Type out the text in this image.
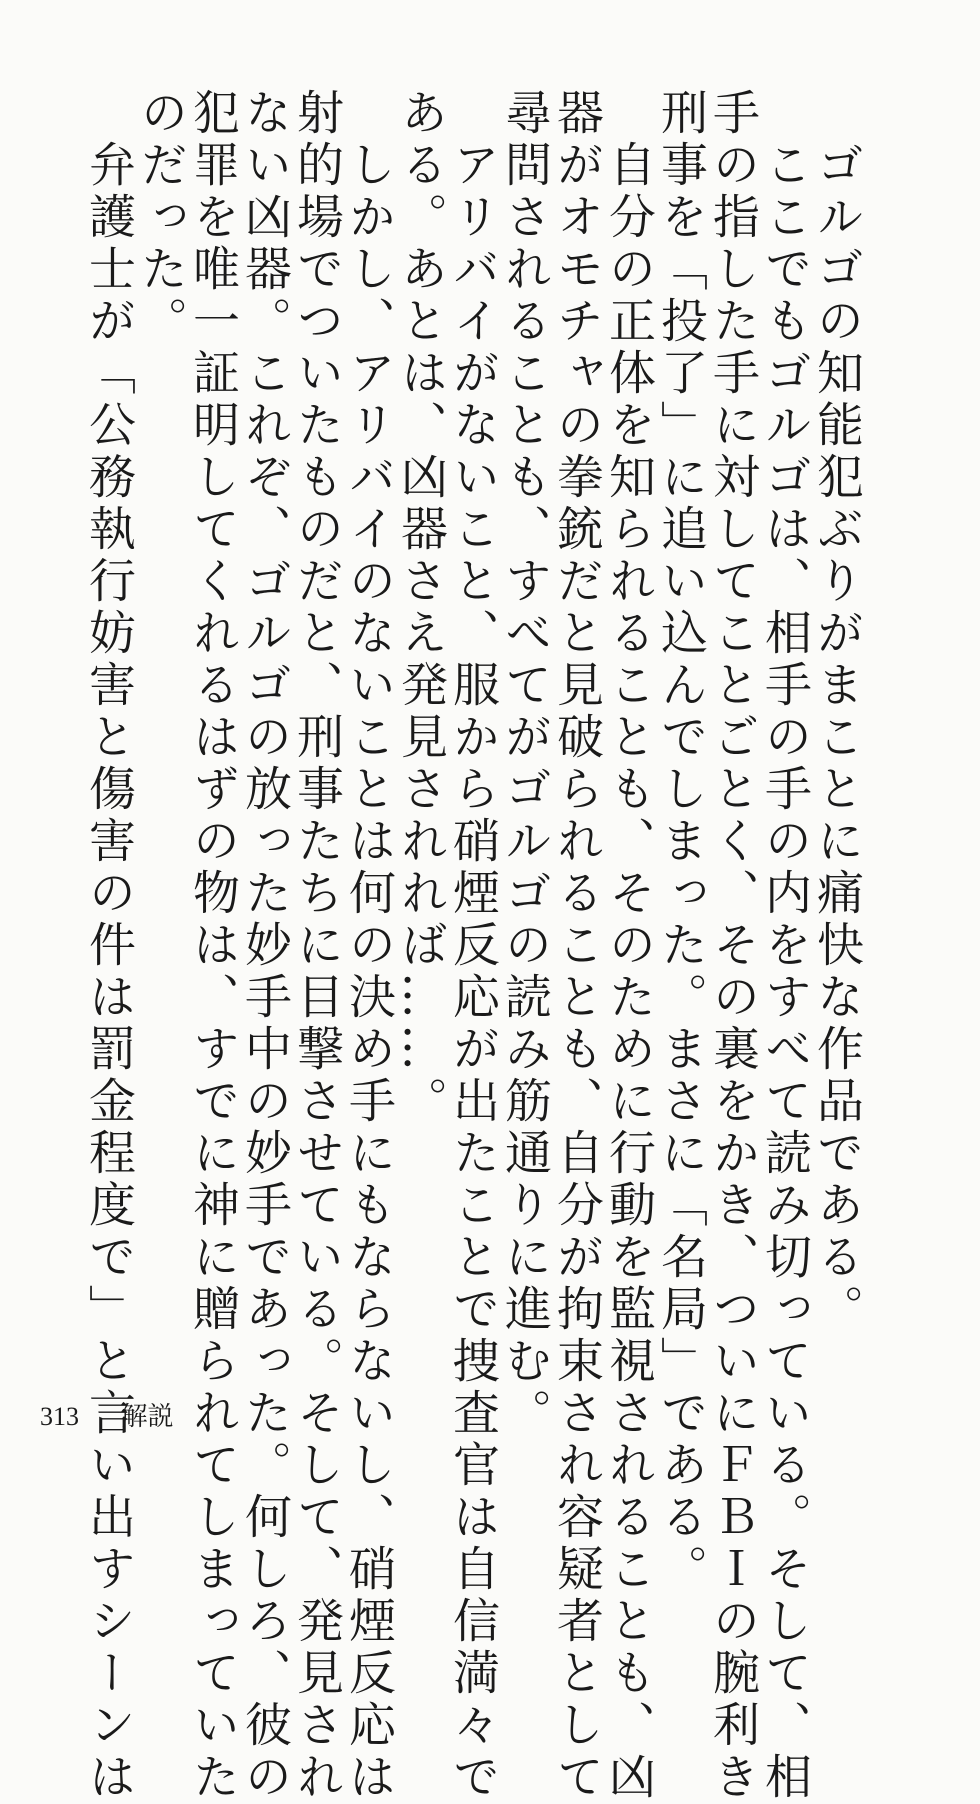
　ゴルゴの知能犯ぶりがまことに痛快な作品である。
　ここでもゴルゴは、相手の手の内をすべて読み切っている。そして、相
手の指した手に対してことごとく、その裏をかき、ついにＦＢＩの腕利き
刑事を「投了」に追い込んでしまった。まさに「名局」である。
　自分の正体を知られることも、そのために行動を監視されることも、凶
器がオモチャの拳銃だと見破られることも、自分が拘束され容疑者として
尋問されることも、すべてがゴルゴの読み筋通りに進む。
　アリバイがないこと、服から硝煙反応が出たことで捜査官は自信満々で
ある。あとは、凶器さえ発見されれば……。
　しかし、アリバイのないことは何の決め手にもならないし、硝煙反応は
射的場でついたものだと、刑事たちに目撃させている。そして、発見され
ない凶器。これぞ、ゴルゴの放った妙手中の妙手であった。何しろ、彼の
犯罪を唯一証明してくれるはずの物は、すでに神に贈られてしまっていた
のだった。
　弁護士が「公務執行妨害と傷害の件は罰金程度で」と言い出すシーンは
313 解説
